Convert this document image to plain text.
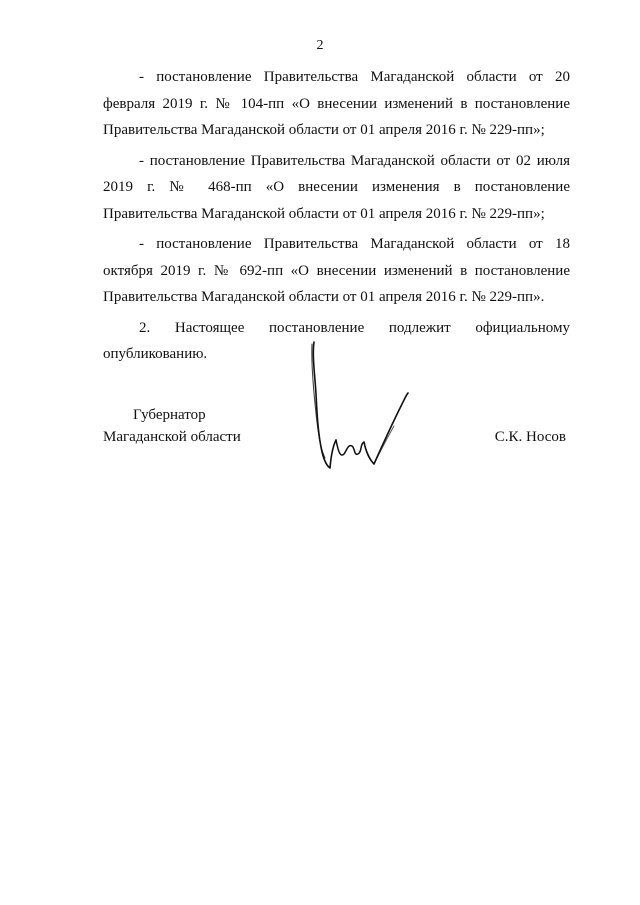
2

- постановление Правительства Магаданской области от 20 февраля 2019 г. № 104-пп «О внесении изменений в постановление Правительства Магаданской области от 01 апреля 2016 г. № 229-пп»;

- постановление Правительства Магаданской области от 02 июля 2019 г. № 468-пп «О внесении изменения в постановление Правительства Магаданской области от 01 апреля 2016 г. № 229-пп»;

- постановление Правительства Магаданской области от 18 октября 2019 г. № 692-пп «О внесении изменений в постановление Правительства Магаданской области от 01 апреля 2016 г. № 229-пп».

2. Настоящее постановление подлежит официальному опубликованию.

Губернатор
Магаданской области	С.К. Носов
